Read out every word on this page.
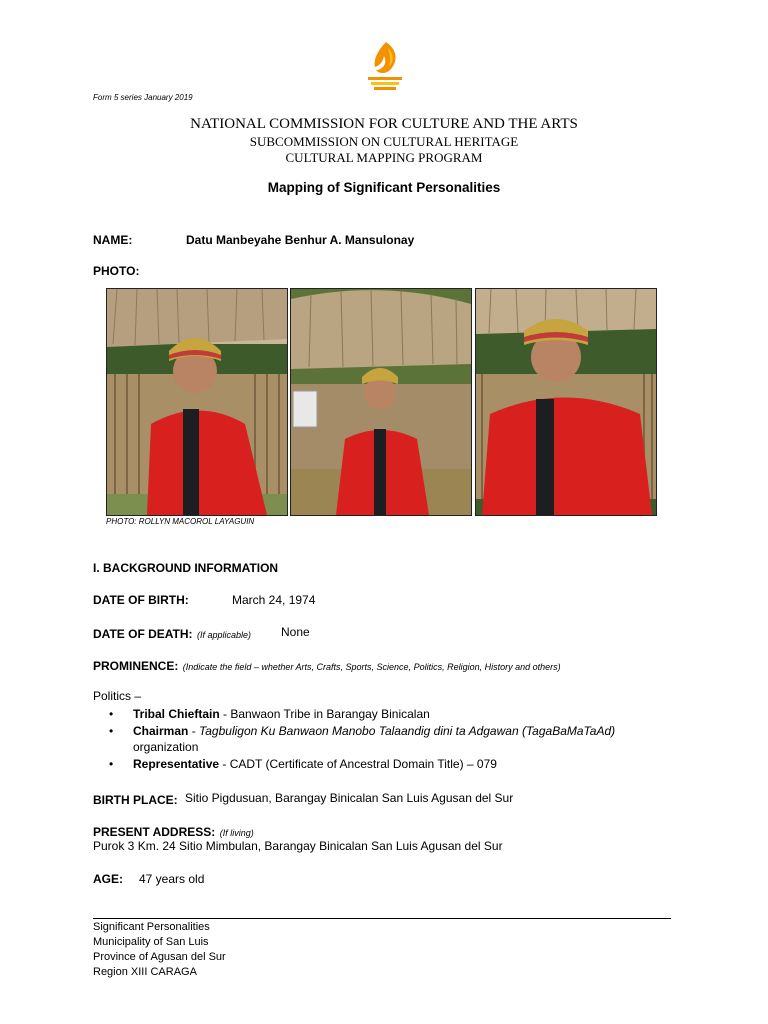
Form 5 series January 2019
NATIONAL COMMISSION FOR CULTURE AND THE ARTS
SUBCOMMISSION ON CULTURAL HERITAGE
CULTURAL MAPPING PROGRAM
Mapping of Significant Personalities
NAME:	Datu Manbeyahe Benhur A. Mansulonay
PHOTO:
PHOTO: ROLLYN MACOROL LAYAGUIN
I. BACKGROUND INFORMATION
DATE OF BIRTH:	March 24, 1974
DATE OF DEATH: (If applicable) None
PROMINENCE: (Indicate the field – whether Arts, Crafts, Sports, Science, Politics, Religion, History and others)
Politics –
• Tribal Chieftain - Banwaon Tribe in Barangay Binicalan
• Chairman - Tagbuligon Ku Banwaon Manobo Talaandig dini ta Adgawan (TagaBaMaTaAd) organization
• Representative - CADT (Certificate of Ancestral Domain Title) – 079
BIRTH PLACE: Sitio Pigdusuan, Barangay Binicalan San Luis Agusan del Sur
PRESENT ADDRESS: (If living)
Purok 3 Km. 24 Sitio Mimbulan, Barangay Binicalan San Luis Agusan del Sur
AGE: 47 years old
Significant Personalities
Municipality of San Luis
Province of Agusan del Sur
Region XIII CARAGA
